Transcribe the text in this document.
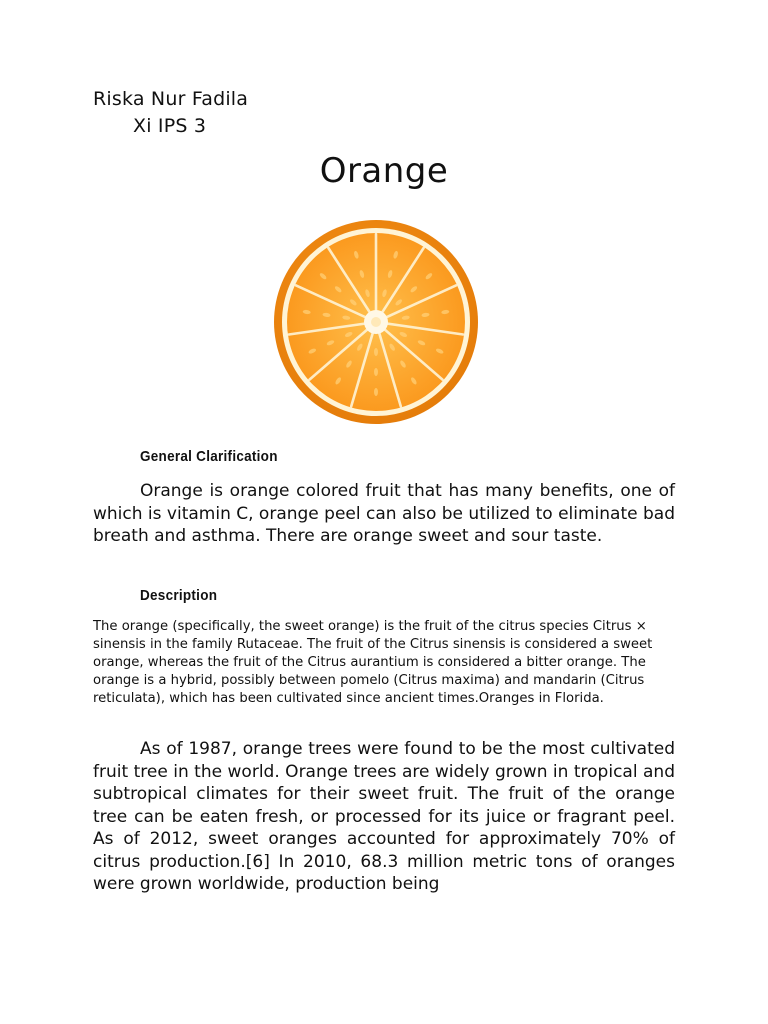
Riska Nur Fadila
Xi IPS 3
Orange
General Clarification

Orange is orange colored fruit that has many benefits, one of which is vitamin C, orange peel can also be utilized to eliminate bad breath and asthma. There are orange sweet and sour taste.

Description

The orange (specifically, the sweet orange) is the fruit of the citrus species Citrus × sinensis in the family Rutaceae. The fruit of the Citrus sinensis is considered a sweet orange, whereas the fruit of the Citrus aurantium is considered a bitter orange. The orange is a hybrid, possibly between pomelo (Citrus maxima) and mandarin (Citrus reticulata), which has been cultivated since ancient times.Oranges in Florida.

As of 1987, orange trees were found to be the most cultivated fruit tree in the world. Orange trees are widely grown in tropical and subtropical climates for their sweet fruit. The fruit of the orange tree can be eaten fresh, or processed for its juice or fragrant peel. As of 2012, sweet oranges accounted for approximately 70% of citrus production.[6] In 2010, 68.3 million metric tons of oranges were grown worldwide, production being
